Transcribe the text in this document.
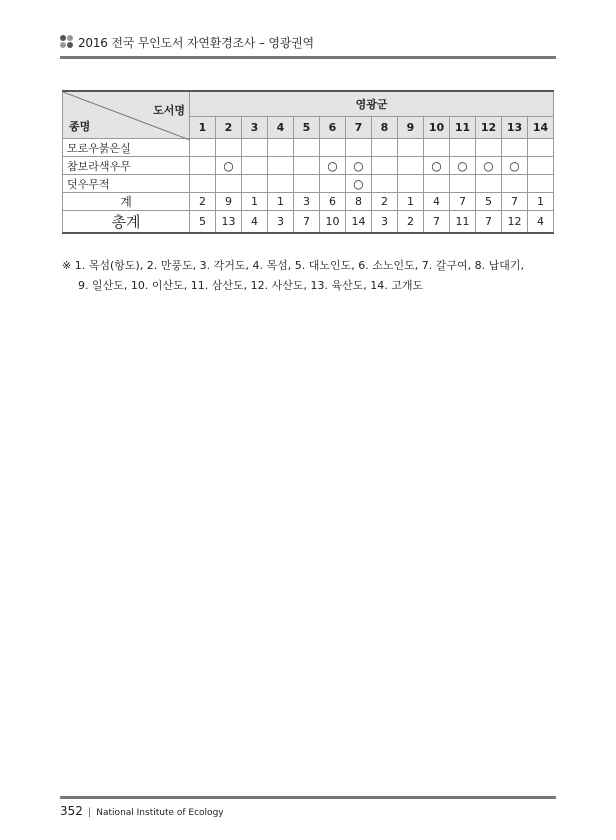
2016 전국 무인도서 자연환경조사 – 영광권역
도서명
종명	영광군													
	1	2	3	4	5	6	7	8	9	10	11	12	13	14
모로우붉은실														
참보라색우무		○				○	○			○	○	○	○	
덧우무적							○							
계	2	9	1	1	3	6	8	2	1	4	7	5	7	1
총계	5	13	4	3	7	10	14	3	2	7	11	7	12	4
※ 1. 목섬(항도), 2. 만풍도, 3. 각거도, 4. 목섬, 5. 대노인도, 6. 소노인도, 7. 갈구여, 8. 납대기,
9. 일산도, 10. 이산도, 11. 삼산도, 12. 사산도, 13. 육산도, 14. 고개도
352 | National Institute of Ecology
